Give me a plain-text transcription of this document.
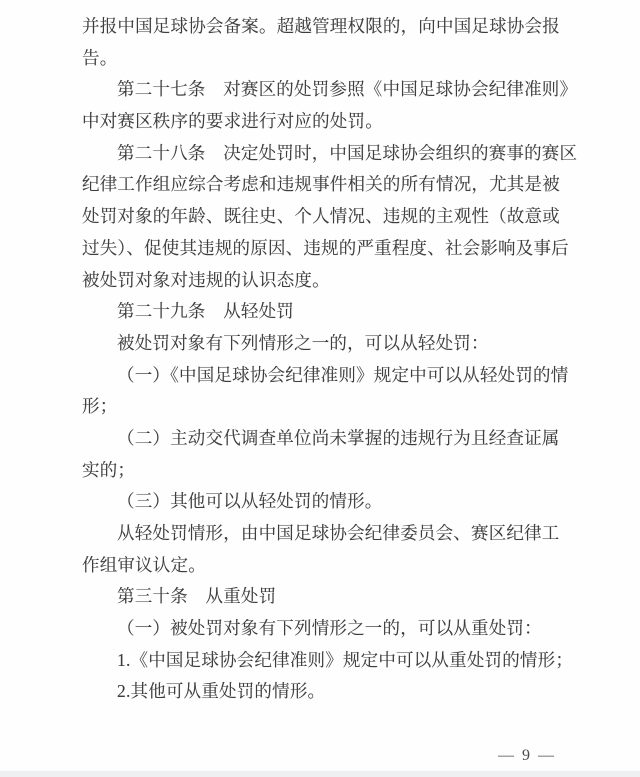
并报中国足球协会备案。超越管理权限的，向中国足球协会报
告。
第二十七条　对赛区的处罚参照《中国足球协会纪律准则》
中对赛区秩序的要求进行对应的处罚。
第二十八条　决定处罚时，中国足球协会组织的赛事的赛区
纪律工作组应综合考虑和违规事件相关的所有情况，尤其是被
处罚对象的年龄、既往史、个人情况、违规的主观性（故意或
过失）、促使其违规的原因、违规的严重程度、社会影响及事后
被处罚对象对违规的认识态度。
第二十九条　从轻处罚
被处罚对象有下列情形之一的，可以从轻处罚：
（一）《中国足球协会纪律准则》规定中可以从轻处罚的情
形；
（二）主动交代调查单位尚未掌握的违规行为且经查证属
实的；
（三）其他可以从轻处罚的情形。
从轻处罚情形，由中国足球协会纪律委员会、赛区纪律工
作组审议认定。
第三十条　从重处罚
（一）被处罚对象有下列情形之一的，可以从重处罚：
1.《中国足球协会纪律准则》规定中可以从重处罚的情形；
2.其他可从重处罚的情形。
— 9 —
